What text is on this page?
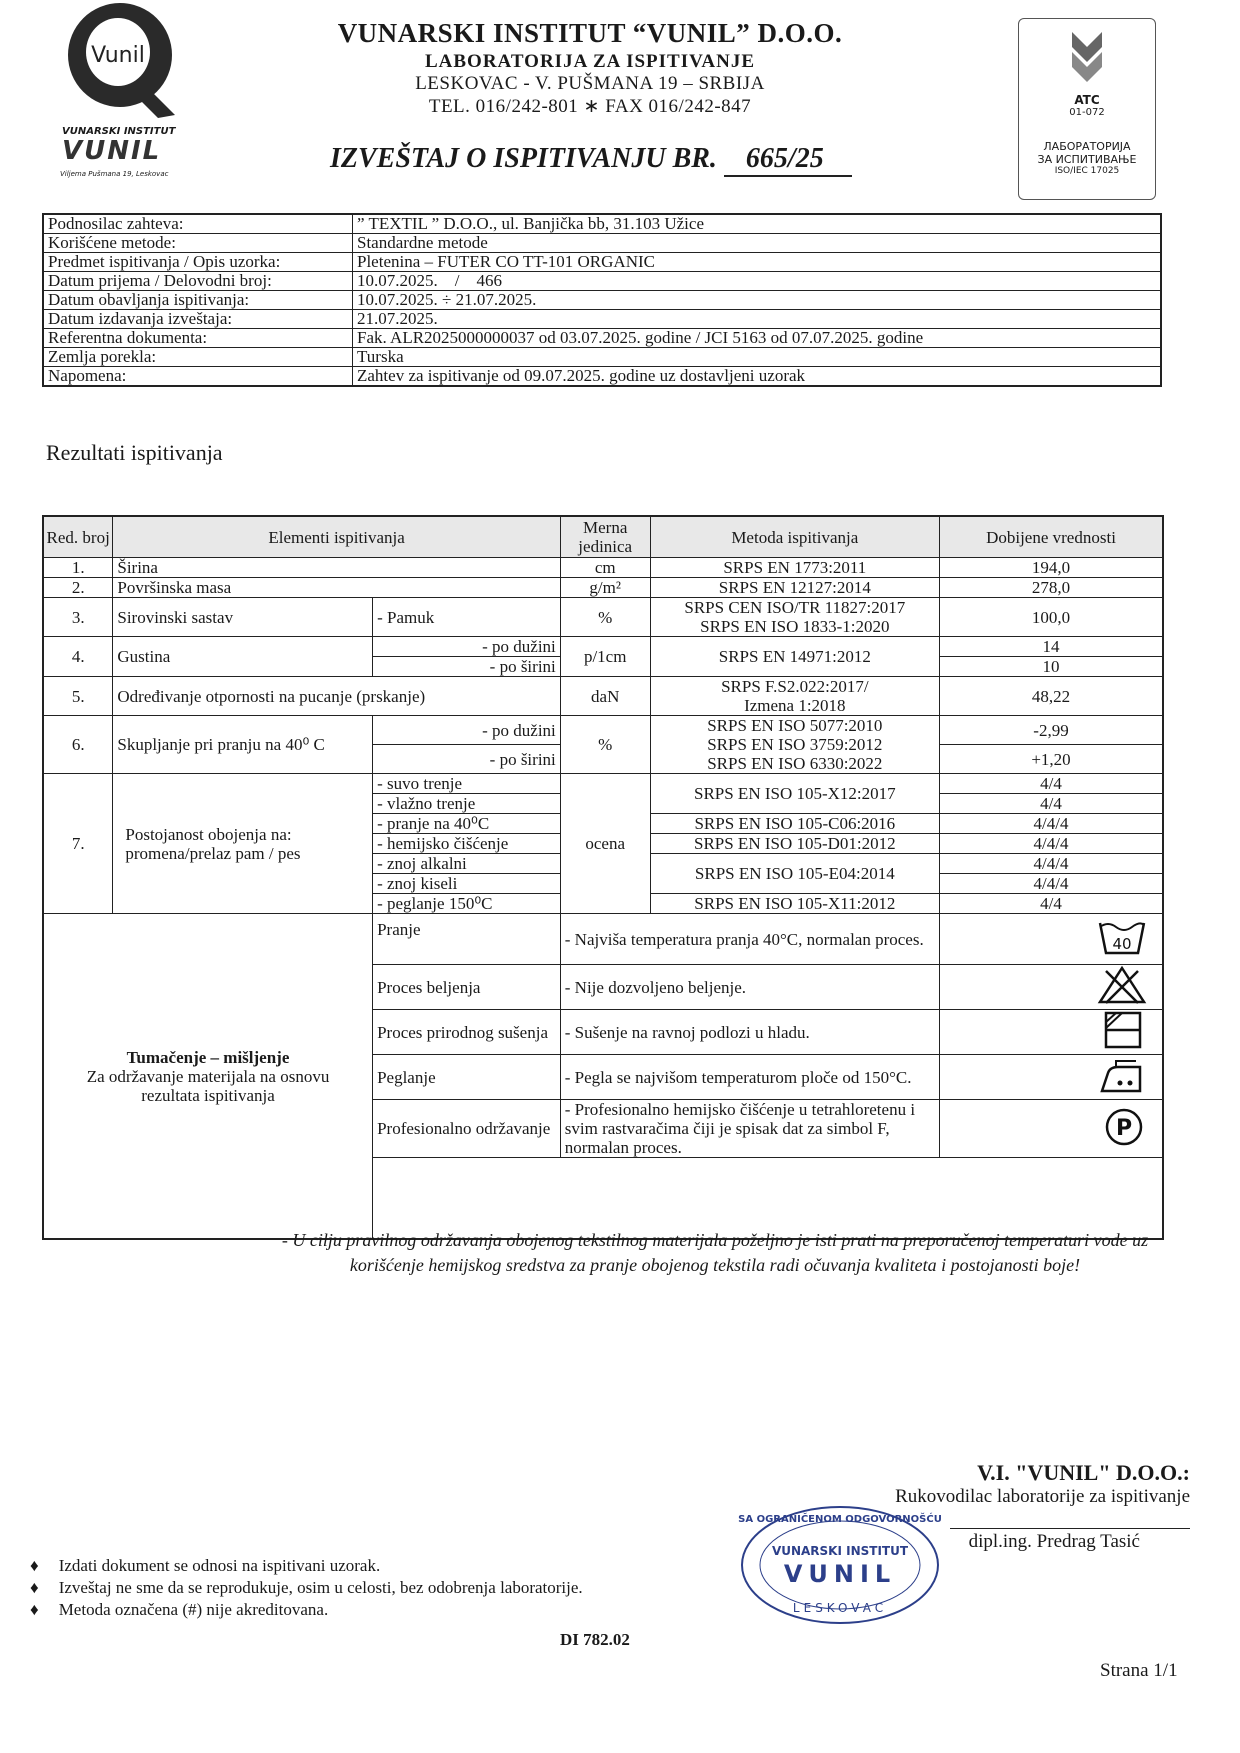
Vunil
VUNARSKI INSTITUT
VUNIL
Viljema Pušmana 19, Leskovac
VUNARSKI INSTITUT “VUNIL” D.O.O.
LABORATORIJA ZA ISPITIVANJE
LESKOVAC - V. PUŠMANA 19 – SRBIJA
TEL. 016/242-801 ∗ FAX 016/242-847
IZVEŠTAJ O ISPITIVANJU BR. 665/25
ATC
01-072
ЛАБОРАТОРИЈА
ЗА ИСПИТИВАЊЕ
ISO/IEC 17025
Podnosilac zahteva:	” TEXTIL ” D.O.O., ul. Banjička bb, 31.103 Užice
Korišćene metode:	Standardne metode
Predmet ispitivanja / Opis uzorka:	Pletenina – FUTER CO TT-101 ORGANIC
Datum prijema / Delovodni broj:	10.07.2025.    /    466
Datum obavljanja ispitivanja:	10.07.2025. ÷ 21.07.2025.
Datum izdavanja izveštaja:	21.07.2025.
Referentna dokumenta:	Fak. ALR2025000000037 od 03.07.2025. godine / JCI 5163 od 07.07.2025. godine
Zemlja porekla:	Turska
Napomena:	Zahtev za ispitivanje od 09.07.2025. godine uz dostavljeni uzorak
Rezultati ispitivanja
Red. broj	Elementi ispitivanja		Merna jedinica	Metoda ispitivanja	Dobijene vrednosti
1.	Širina		cm	SRPS EN 1773:2011	194,0
2.	Površinska masa		g/m²	SRPS EN 12127:2014	278,0
3.	Sirovinski sastav	- Pamuk	%	SRPS CEN ISO/TR 11827:2017
SRPS EN ISO 1833-1:2020	100,0
4.	Gustina	- po dužini	p/1cm	SRPS EN 14971:2012	14
		- po širini			10
5.	Određivanje otpornosti na pucanje (prskanje)		daN	SRPS F.S2.022:2017/
Izmena 1:2018	48,22
6.	Skupljanje pri pranju na 40⁰ C	- po dužini	%	SRPS EN ISO 5077:2010
SRPS EN ISO 3759:2012
SRPS EN ISO 6330:2022	-2,99
		- po širini			+1,20
7.	Postojanost obojenja na: promena/prelaz pam / pes	- suvo trenje	ocena	SRPS EN ISO 105-X12:2017	4/4
		- vlažno trenje			4/4
		- pranje na 40⁰C		SRPS EN ISO 105-C06:2016	4/4/4
		- hemijsko čišćenje		SRPS EN ISO 105-D01:2012	4/4/4
		- znoj alkalni		SRPS EN ISO 105-E04:2014	4/4/4
		- znoj kiseli			4/4/4
		- peglanje 150⁰C		SRPS EN ISO 105-X11:2012	4/4

Tumačenje – mišljenje
Za održavanje materijala na osnovu rezultata ispitivanja		Pranje	- Najviša temperatura pranja 40°C, normalan proces.		40

		Proces beljenja	- Nije dozvoljeno beljenje.	
		Proces prirodnog sušenja	- Sušenje na ravnoj podlozi u hladu.	
		Peglanje	- Pegla se najvišom temperaturom ploče od 150°C.	
		Profesionalno održavanje	- Profesionalno hemijsko čišćenje u tetrahloretenu i svim rastvaračima čiji je spisak dat za simbol F, normalan proces.		P

- U cilju pravilnog održavanja obojenog tekstilnog materijala poželjno je isti prati na preporučenoj temperaturi vode uz korišćenje hemijskog sredstva za pranje obojenog tekstila radi očuvanja kvaliteta i postojanosti boje!
V.I. "VUNIL" D.O.O.:
Rukovodilac laboratorije za ispitivanje
dipl.ing. Predrag Tasić
SA OGRANIČENOM ODGOVORNOŠĆU
VUNARSKI INSTITUT
VUNIL
LESKOVAC
♦ Izdati dokument se odnosi na ispitivani uzorak.
♦ Izveštaj ne sme da se reprodukuje, osim u celosti, bez odobrenja laboratorije.
♦ Metoda označena (#) nije akreditovana.
DI 782.02
Strana 1/1
